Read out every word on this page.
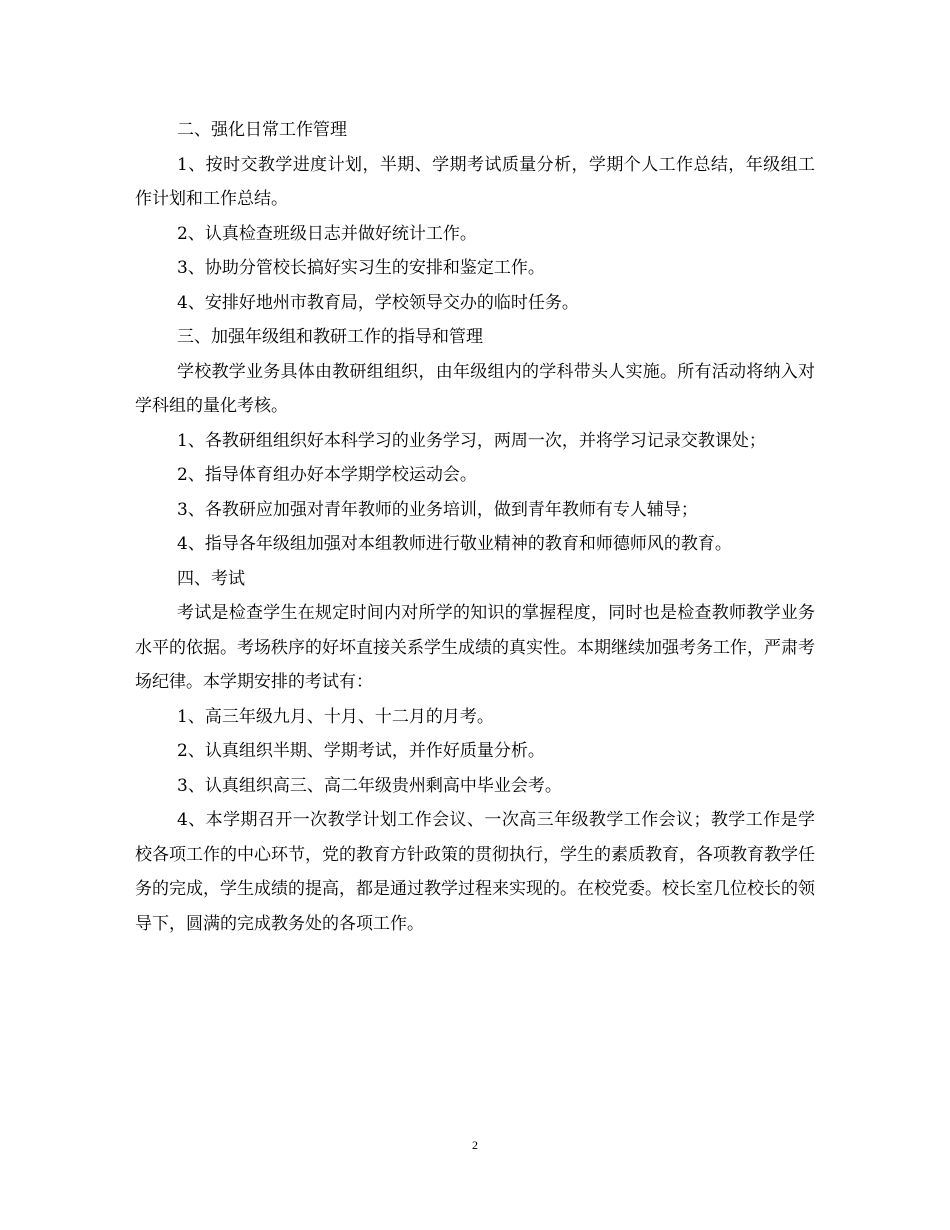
二、强化日常工作管理

1、按时交教学进度计划，半期、学期考试质量分析，学期个人工作总结，年级组工作计划和工作总结。

2、认真检查班级日志并做好统计工作。

3、协助分管校长搞好实习生的安排和鉴定工作。

4、安排好地州市教育局，学校领导交办的临时任务。

三、加强年级组和教研工作的指导和管理

学校教学业务具体由教研组组织，由年级组内的学科带头人实施。所有活动将纳入对学科组的量化考核。

1、各教研组组织好本科学习的业务学习，两周一次，并将学习记录交教课处；

2、指导体育组办好本学期学校运动会。

3、各教研应加强对青年教师的业务培训，做到青年教师有专人辅导；

4、指导各年级组加强对本组教师进行敬业精神的教育和师德师风的教育。

四、考试

考试是检查学生在规定时间内对所学的知识的掌握程度，同时也是检查教师教学业务水平的依据。考场秩序的好坏直接关系学生成绩的真实性。本期继续加强考务工作，严肃考场纪律。本学期安排的考试有：

1、高三年级九月、十月、十二月的月考。

2、认真组织半期、学期考试，并作好质量分析。

3、认真组织高三、高二年级贵州剩高中毕业会考。

4、本学期召开一次教学计划工作会议、一次高三年级教学工作会议；教学工作是学校各项工作的中心环节，党的教育方针政策的贯彻执行，学生的素质教育，各项教育教学任务的完成，学生成绩的提高，都是通过教学过程来实现的。在校党委。校长室几位校长的领导下，圆满的完成教务处的各项工作。

2
